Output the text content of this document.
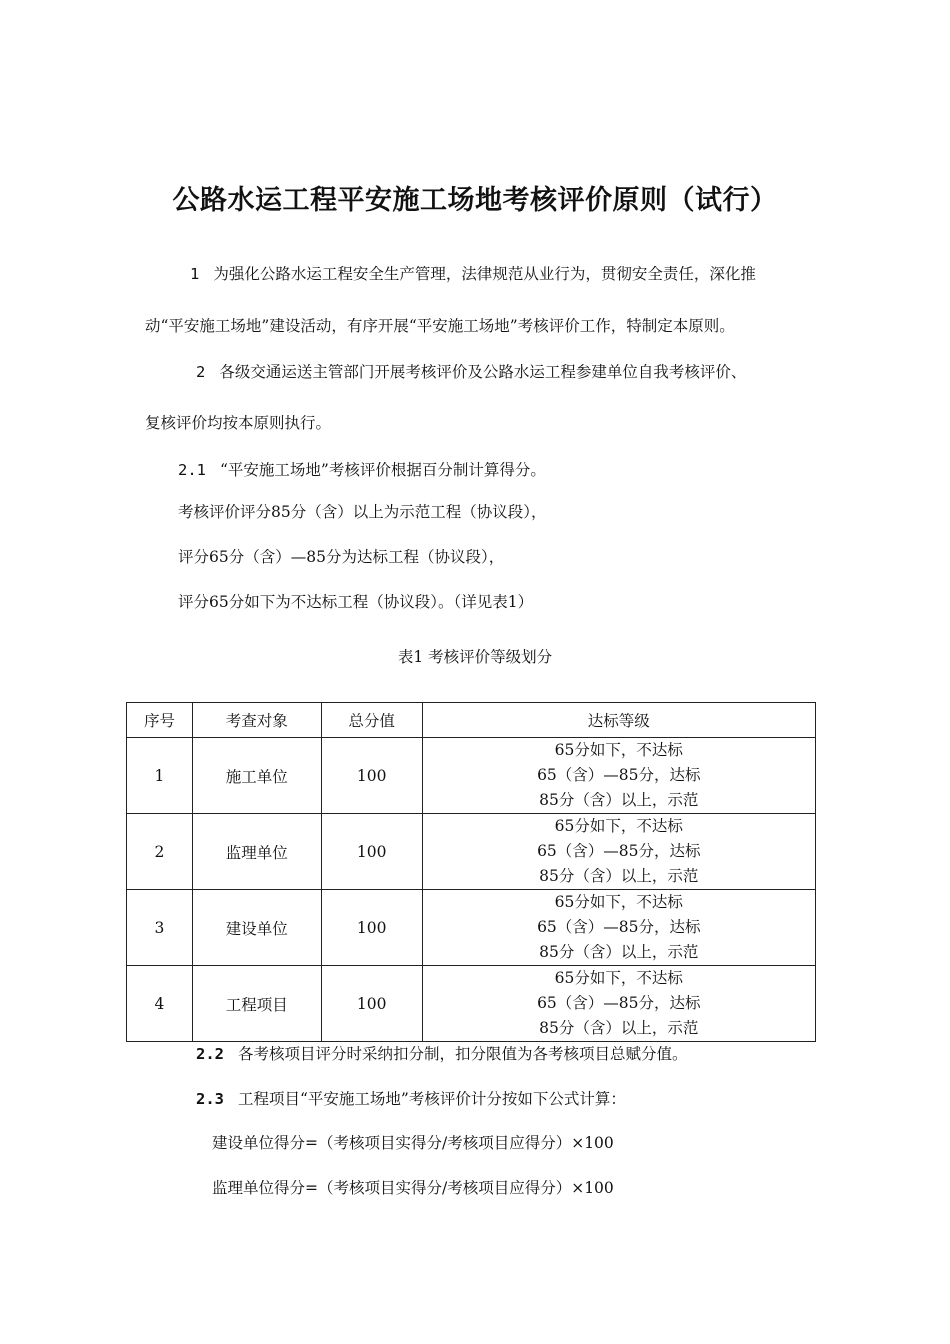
公路水运工程平安施工场地考核评价原则（试行）
1 为强化公路水运工程安全生产管理，法律规范从业行为，贯彻安全责任，深化推
动“平安施工场地”建设活动，有序开展“平安施工场地”考核评价工作，特制定本原则。
2 各级交通运送主管部门开展考核评价及公路水运工程参建单位自我考核评价、
复核评价均按本原则执行。
2.1 “平安施工场地”考核评价根据百分制计算得分。
考核评价评分85分（含）以上为示范工程（协议段），
评分65分（含）—85分为达标工程（协议段），
评分65分如下为不达标工程（协议段）。（详见表1）
表1 考核评价等级划分
序号	考查对象	总分值	达标等级
1	施工单位	100	65分如下，不达标
65（含）—85分，达标
85分（含）以上，示范

2	监理单位	100	65分如下，不达标
65（含）—85分，达标
85分（含）以上，示范

3	建设单位	100	65分如下，不达标
65（含）—85分，达标
85分（含）以上，示范

4	工程项目	100	65分如下，不达标
65（含）—85分，达标
85分（含）以上，示范
2.2 各考核项目评分时采纳扣分制，扣分限值为各考核项目总赋分值。
2.3 工程项目“平安施工场地”考核评价计分按如下公式计算：
建设单位得分=（考核项目实得分/考核项目应得分）×100
监理单位得分=（考核项目实得分/考核项目应得分）×100
